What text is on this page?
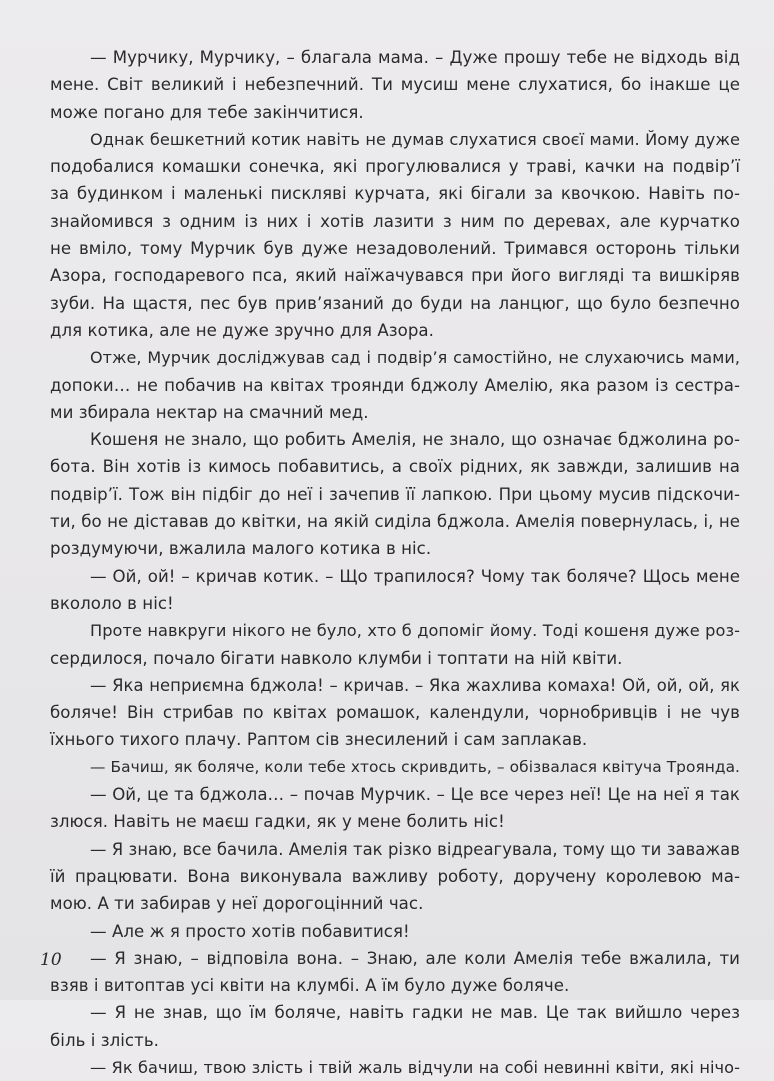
— Мурчику, Мурчику, – благала мама. – Дуже прошу тебе не відходь від
мене. Світ великий і небезпечний. Ти мусиш мене слухатися, бо інакше це
може погано для тебе закінчитися.
Однак бешкетний котик навіть не думав слухатися своєї мами. Йому дуже
подобалися комашки сонечка, які прогулювалися у траві, качки на подвір’ї
за будинком і маленькі пискляві курчата, які бігали за квочкою. Навіть по-
знайомився з одним із них і хотів лазити з ним по деревах, але курчатко
не вміло, тому Мурчик був дуже незадоволений. Тримався осторонь тільки
Азора, господаревого пса, який наїжачувався при його вигляді та вишкіряв
зуби. На щастя, пес був прив’язаний до буди на ланцюг, що було безпечно
для котика, але не дуже зручно для Азора.
Отже, Мурчик досліджував сад і подвір’я самостійно, не слухаючись мами,
допоки… не побачив на квітах троянди бджолу Амелію, яка разом із сестра-
ми збирала нектар на смачний мед.
Кошеня не знало, що робить Амелія, не знало, що означає бджолина ро-
бота. Він хотів із кимось побавитись, а своїх рідних, як завжди, залишив на
подвір’ї. Тож він підбіг до неї і зачепив її лапкою. При цьому мусив підскочи-
ти, бо не діставав до квітки, на якій сиділа бджола. Амелія повернулась, і, не
роздумуючи, вжалила малого котика в ніс.
— Ой, ой! – кричав котик. – Що трапилося? Чому так боляче? Щось мене
вкололо в ніс!
Проте навкруги нікого не було, хто б допоміг йому. Тоді кошеня дуже роз-
сердилося, почало бігати навколо клумби і топтати на ній квіти.
— Яка неприємна бджола! – кричав. – Яка жахлива комаха! Ой, ой, ой, як
боляче! Він стрибав по квітах ромашок, календули, чорнобривців і не чув
їхнього тихого плачу. Раптом сів знесилений і сам заплакав.
— Бачиш, як боляче, коли тебе хтось скривдить, – обізвалася квітуча Троянда.
— Ой, це та бджола… – почав Мурчик. – Це все через неї! Це на неї я так
злюся. Навіть не маєш гадки, як у мене болить ніс!
— Я знаю, все бачила. Амелія так різко відреагувала, тому що ти заважав
їй працювати. Вона виконувала важливу роботу, доручену королевою ма-
мою. А ти забирав у неї дорогоцінний час.
— Але ж я просто хотів побавитися!
— Я знаю, – відповіла вона. – Знаю, але коли Амелія тебе вжалила, ти
взяв і витоптав усі квіти на клумбі. А їм було дуже боляче.
— Я не знав, що їм боляче, навіть гадки не мав. Це так вийшло через
біль і злість.
— Як бачиш, твою злість і твій жаль відчули на собі невинні квіти, які нічо-
10
